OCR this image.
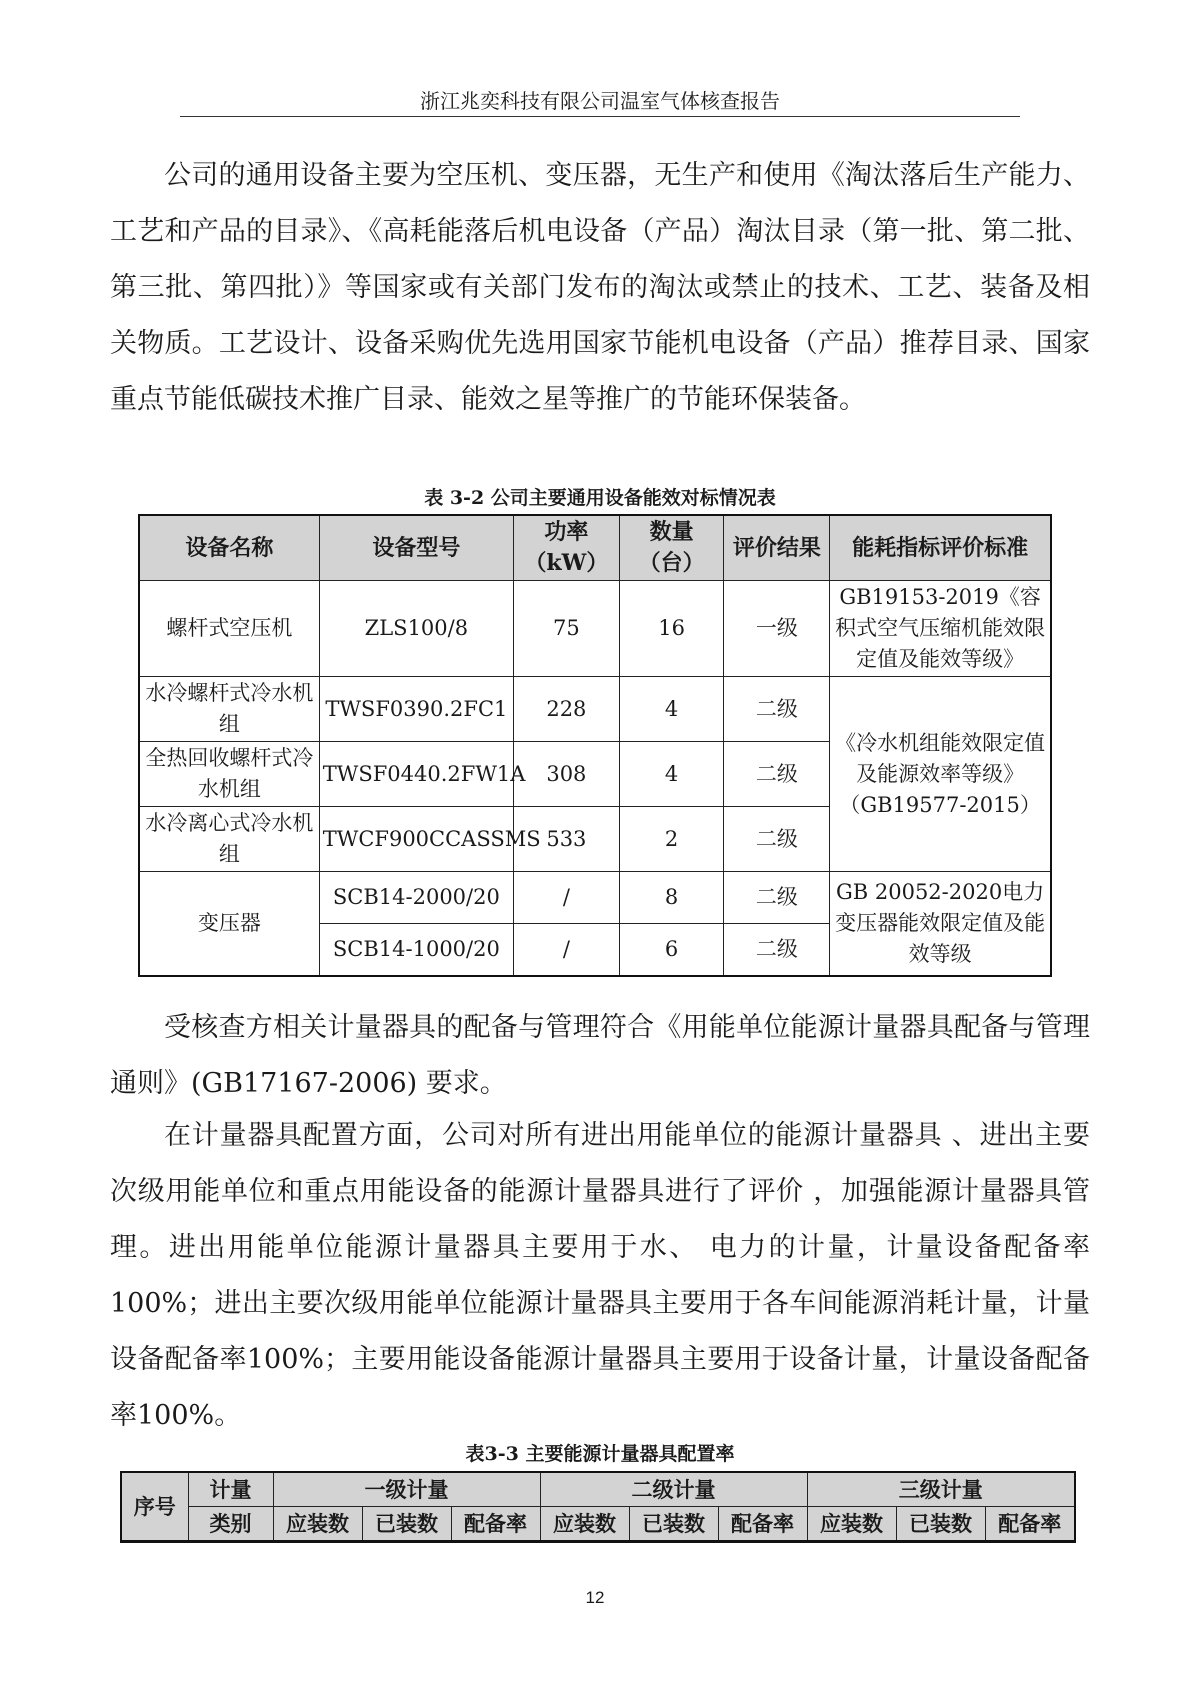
浙江兆奕科技有限公司温室气体核查报告

公司的通用设备主要为空压机、变压器，无生产和使用《淘汰落后生产能力、工艺和产品的目录》、《高耗能落后机电设备（产品）淘汰目录（第一批、第二批、第三批、第四批）》等国家或有关部门发布的淘汰或禁止的技术、工艺、装备及相关物质。工艺设计、设备采购优先选用国家节能机电设备（产品）推荐目录、国家重点节能低碳技术推广目录、能效之星等推广的节能环保装备。

表 3-2 公司主要通用设备能效对标情况表
设备名称	设备型号	功率（kW）	数量（台）	评价结果	能耗指标评价标准
螺杆式空压机	ZLS100/8	75	16	一级	GB19153-2019《容积式空气压缩机能效限定值及能效等级》
水冷螺杆式冷水机组	TWSF0390.2FC1	228	4	二级	《冷水机组能效限定值及能源效率等级》（GB19577-2015）
全热回收螺杆式冷水机组	TWSF0440.2FW1A	308	4	二级	
水冷离心式冷水机组	TWCF900CCASSMS	533	2	二级	
变压器	SCB14-2000/20	/	8	二级	GB 20052-2020电力变压器能效限定值及能效等级
	SCB14-1000/20	/	6	二级	

受核查方相关计量器具的配备与管理符合《用能单位能源计量器具配备与管理通则》(GB17167-2006) 要求。

在计量器具配置方面，公司对所有进出用能单位的能源计量器具 、进出主要次级用能单位和重点用能设备的能源计量器具进行了评价 ，加强能源计量器具管理。进出用能单位能源计量器具主要用于水、 电力的计量，计量设备配备率100%；进出主要次级用能单位能源计量器具主要用于各车间能源消耗计量，计量设备配备率100%；主要用能设备能源计量器具主要用于设备计量，计量设备配备率100%。

表3-3 主要能源计量器具配置率
序号	计量	一级计量			二级计量			三级计量		
	类别	应装数	已装数	配备率	应装数	已装数	配备率	应装数	已装数	配备率
12
